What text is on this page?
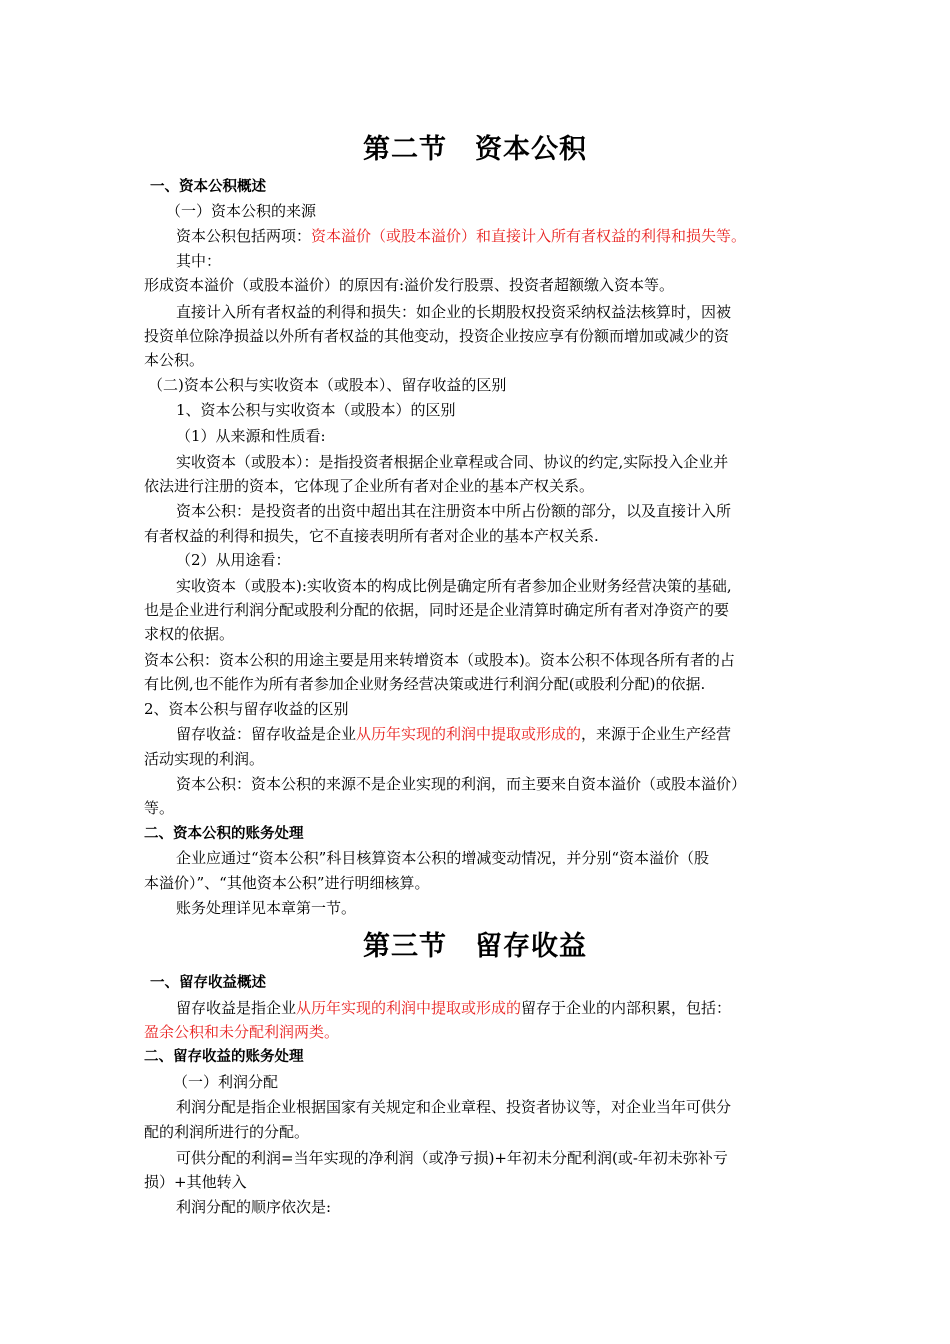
第二节　资本公积
一、资本公积概述
（一）资本公积的来源
资本公积包括两项：资本溢价（或股本溢价）和直接计入所有者权益的利得和损失等。
其中：
形成资本溢价（或股本溢价）的原因有:溢价发行股票、投资者超额缴入资本等。
直接计入所有者权益的利得和损失：如企业的长期股权投资采纳权益法核算时，因被
投资单位除净损益以外所有者权益的其他变动，投资企业按应享有份额而增加或减少的资
本公积。
（二)资本公积与实收资本（或股本）、留存收益的区别
1、资本公积与实收资本（或股本）的区别
（1）从来源和性质看:
实收资本（或股本）：是指投资者根据企业章程或合同、协议的约定,实际投入企业并
依法进行注册的资本，它体现了企业所有者对企业的基本产权关系。
资本公积：是投资者的出资中超出其在注册资本中所占份额的部分，以及直接计入所
有者权益的利得和损失，它不直接表明所有者对企业的基本产权关系.
（2）从用途看：
实收资本（或股本):实收资本的构成比例是确定所有者参加企业财务经营决策的基础,
也是企业进行利润分配或股利分配的依据，同时还是企业清算时确定所有者对净资产的要
求权的依据。
资本公积：资本公积的用途主要是用来转增资本（或股本)。资本公积不体现各所有者的占
有比例,也不能作为所有者参加企业财务经营决策或进行利润分配(或股利分配)的依据.
2、资本公积与留存收益的区别
留存收益：留存收益是企业从历年实现的利润中提取或形成的，来源于企业生产经营
活动实现的利润。
资本公积：资本公积的来源不是企业实现的利润，而主要来自资本溢价（或股本溢价）
等。
二、资本公积的账务处理
企业应通过“资本公积”科目核算资本公积的增减变动情况，并分别“资本溢价（股
本溢价）”、“其他资本公积”进行明细核算。
账务处理详见本章第一节。
第三节　留存收益
一、留存收益概述
留存收益是指企业从历年实现的利润中提取或形成的留存于企业的内部积累，包括：
盈余公积和未分配利润两类。
二、留存收益的账务处理
（一）利润分配
利润分配是指企业根据国家有关规定和企业章程、投资者协议等，对企业当年可供分
配的利润所进行的分配。
可供分配的利润=当年实现的净利润（或净亏损)+年初未分配利润(或-年初未弥补亏
损）+其他转入
利润分配的顺序依次是:
